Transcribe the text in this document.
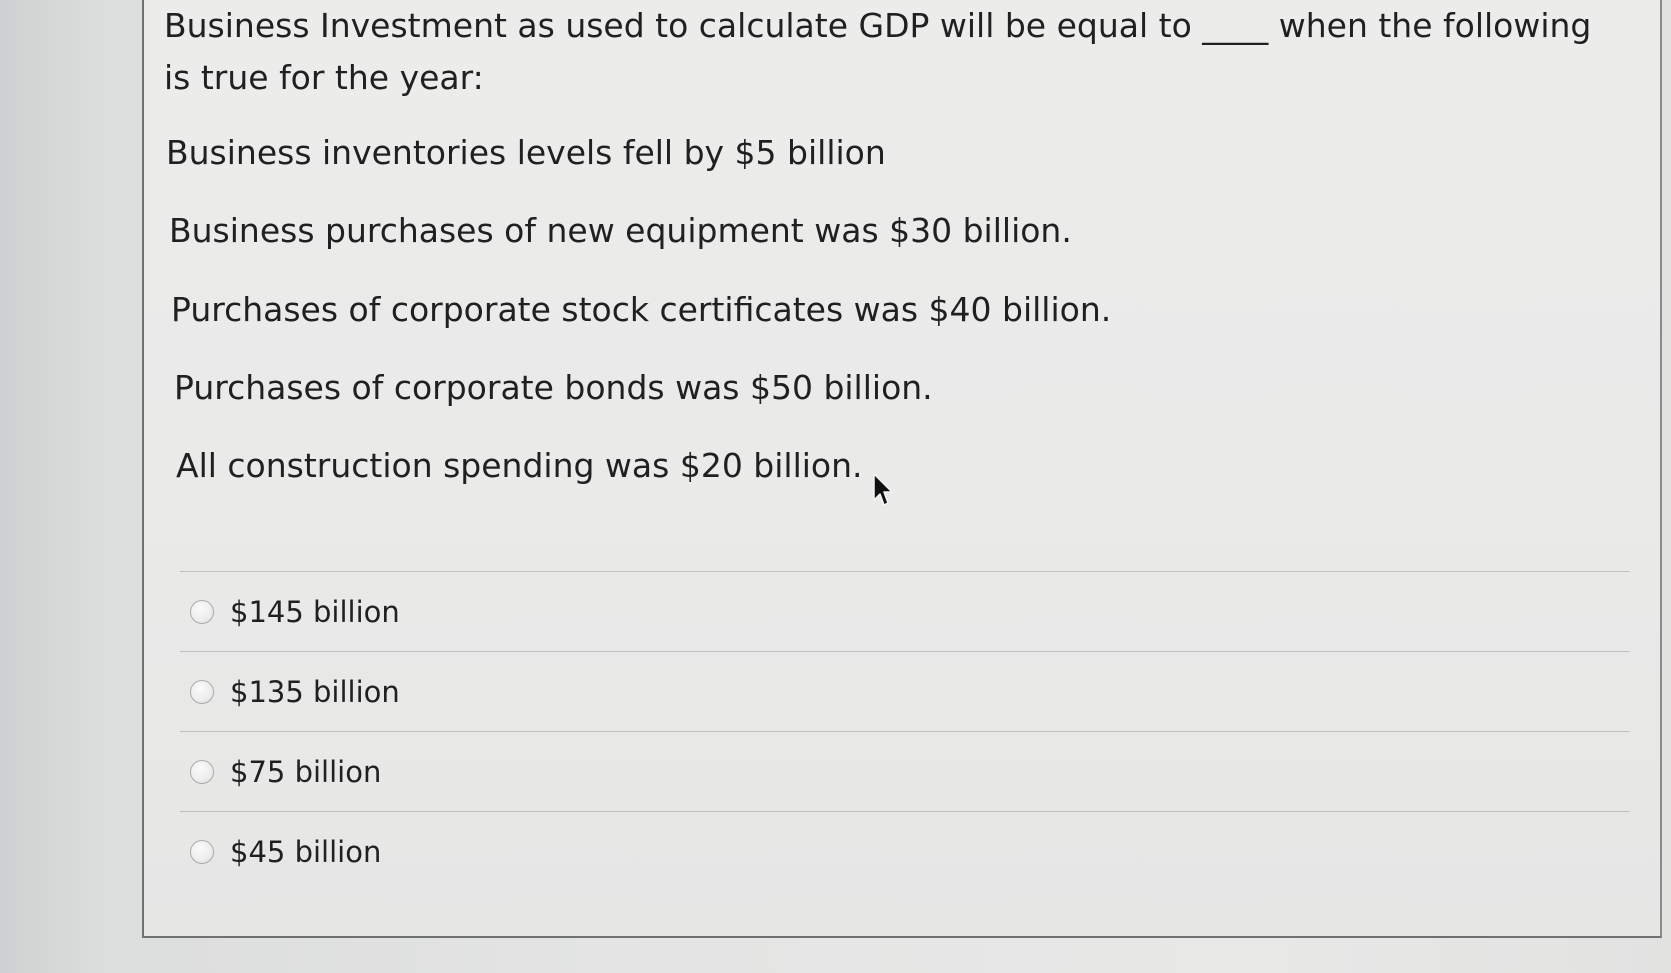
Business Investment as used to calculate GDP will be equal to ____ when the following is true for the year:

Business inventories levels fell by $5 billion

Business purchases of new equipment was $30 billion.

Purchases of corporate stock certificates was $40 billion.

Purchases of corporate bonds was $50 billion.

All construction spending was $20 billion.

$145 billion
$135 billion
$75 billion
$45 billion
